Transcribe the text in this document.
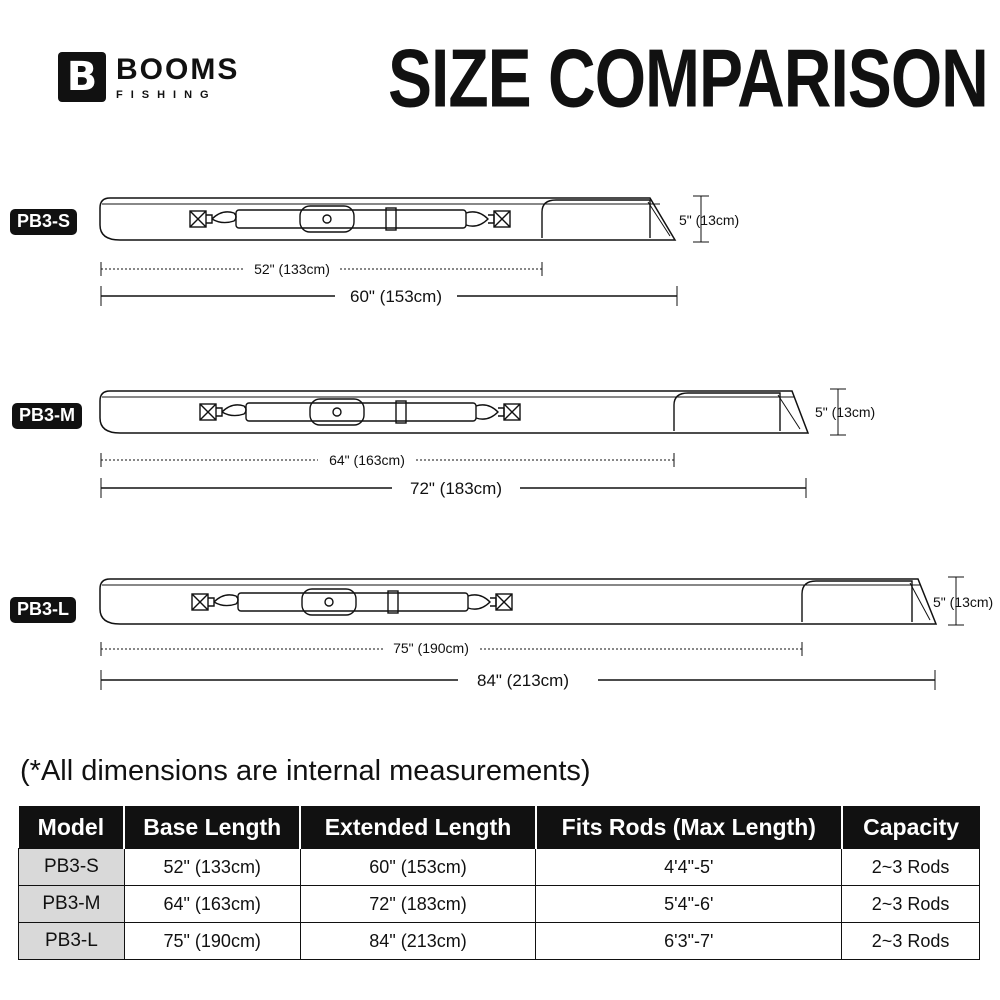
B BOOMS
FISHING	SIZE COMPARISON
PB3-S
PB3-M
PB3-L
5" (13cm)
52" (133cm)
60" (153cm)
5" (13cm)
64" (163cm)
72" (183cm)
5" (13cm)
75" (190cm)
84" (213cm)
(*All dimensions are internal measurements)
Model	Base Length	Extended Length	Fits Rods (Max Length)	Capacity
PB3-S	52" (133cm)	60" (153cm)	4'4"-5'	2~3 Rods
PB3-M	64" (163cm)	72" (183cm)	5'4"-6'	2~3 Rods
PB3-L	75" (190cm)	84" (213cm)	6'3"-7'	2~3 Rods
